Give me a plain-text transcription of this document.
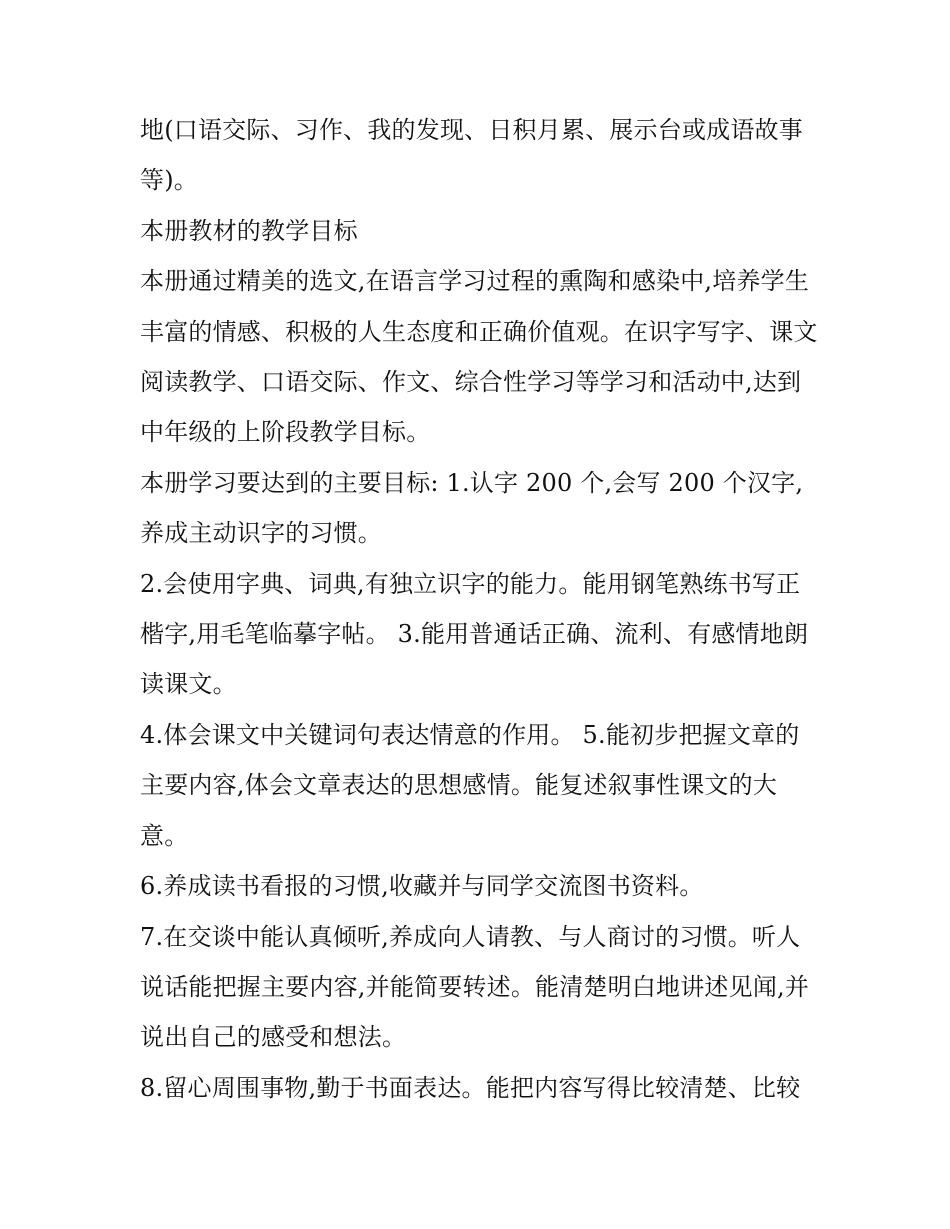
地(口语交际、习作、我的发现、日积月累、展示台或成语故事等)。

本册教材的教学目标

本册通过精美的选文,在语言学习过程的熏陶和感染中,培养学生丰富的情感、积极的人生态度和正确价值观。在识字写字、课文阅读教学、口语交际、作文、综合性学习等学习和活动中,达到中年级的上阶段教学目标。

本册学习要达到的主要目标: 1.认字 200 个,会写 200 个汉字,养成主动识字的习惯。

2.会使用字典、词典,有独立识字的能力。能用钢笔熟练书写正楷字,用毛笔临摹字帖。 3.能用普通话正确、流利、有感情地朗读课文。

4.体会课文中关键词句表达情意的作用。 5.能初步把握文章的主要内容,体会文章表达的思想感情。能复述叙事性课文的大意。

6.养成读书看报的习惯,收藏并与同学交流图书资料。

7.在交谈中能认真倾听,养成向人请教、与人商讨的习惯。听人说话能把握主要内容,并能简要转述。能清楚明白地讲述见闻,并说出自己的感受和想法。

8.留心周围事物,勤于书面表达。能把内容写得比较清楚、比较
